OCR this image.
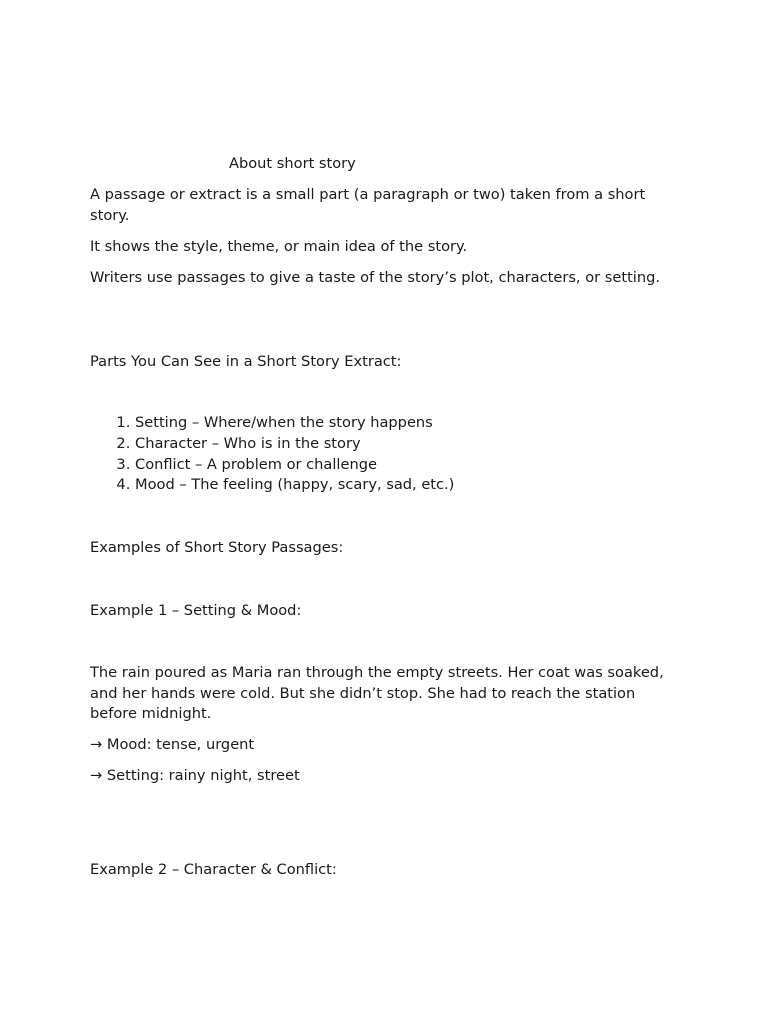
About short story

A passage or extract is a small part (a paragraph or two) taken from a short story.

It shows the style, theme, or main idea of the story.

Writers use passages to give a taste of the story’s plot, characters, or setting.

Parts You Can See in a Short Story Extract:

1. Setting – Where/when the story happens
2. Character – Who is in the story
3. Conflict – A problem or challenge
4. Mood – The feeling (happy, scary, sad, etc.)

Examples of Short Story Passages:

Example 1 – Setting & Mood:

The rain poured as Maria ran through the empty streets. Her coat was soaked, and her hands were cold. But she didn’t stop. She had to reach the station before midnight.

→ Mood: tense, urgent

→ Setting: rainy night, street

Example 2 – Character & Conflict:
